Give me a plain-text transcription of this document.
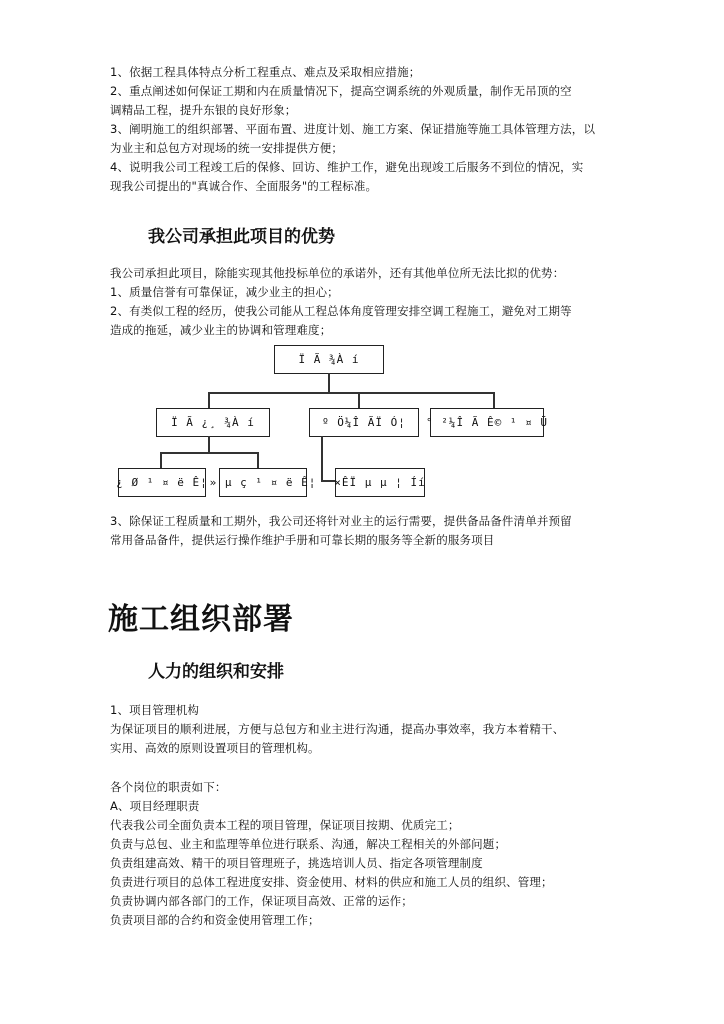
1、依据工程具体特点分析工程重点、难点及采取相应措施；
2、重点阐述如何保证工期和内在质量情况下，提高空调系统的外观质量，制作无吊顶的空
调精品工程，提升东银的良好形象；
3、阐明施工的组织部署、平面布置、进度计划、施工方案、保证措施等施工具体管理方法，以
为业主和总包方对现场的统一安排提供方便；
4、说明我公司工程竣工后的保修、回访、维护工作，避免出现竣工后服务不到位的情况，实
现我公司提出的"真诚合作、全面服务"的工程标准。
我公司承担此项目的优势
我公司承担此项目，除能实现其他投标单位的承诺外，还有其他单位所无法比拟的优势：
1、质量信誉有可靠保证，减少业主的担心；
2、有类似工程的经历，使我公司能从工程总体角度管理安排空调工程施工，避免对工期等
造成的拖延，减少业主的协调和管理难度；
Ï Ã ¾À í
Ï Ã ¿¸ ¾À í	º Ö¼Î ÃÏ Ó¦	° ²¼Î Ã Ê© ¹ ¤ Ü
¿ Ø ¹ ¤ ë Ê¦ » µ ç ¹ ¤ ë Ê¦ ×ÊÏ µ µ ¦ Íí
3、除保证工程质量和工期外，我公司还将针对业主的运行需要，提供备品备件清单并预留
常用备品备件，提供运行操作维护手册和可靠长期的服务等全新的服务项目
施工组织部署
人力的组织和安排
1、项目管理机构
为保证项目的顺利进展，方便与总包方和业主进行沟通，提高办事效率，我方本着精干、
实用、高效的原则设置项目的管理机构。
各个岗位的职责如下：
A、项目经理职责
代表我公司全面负责本工程的项目管理，保证项目按期、优质完工；
负责与总包、业主和监理等单位进行联系、沟通，解决工程相关的外部问题；
负责组建高效、精干的项目管理班子，挑选培训人员、指定各项管理制度
负责进行项目的总体工程进度安排、资金使用、材料的供应和施工人员的组织、管理；
负责协调内部各部门的工作，保证项目高效、正常的运作；
负责项目部的合约和资金使用管理工作；
